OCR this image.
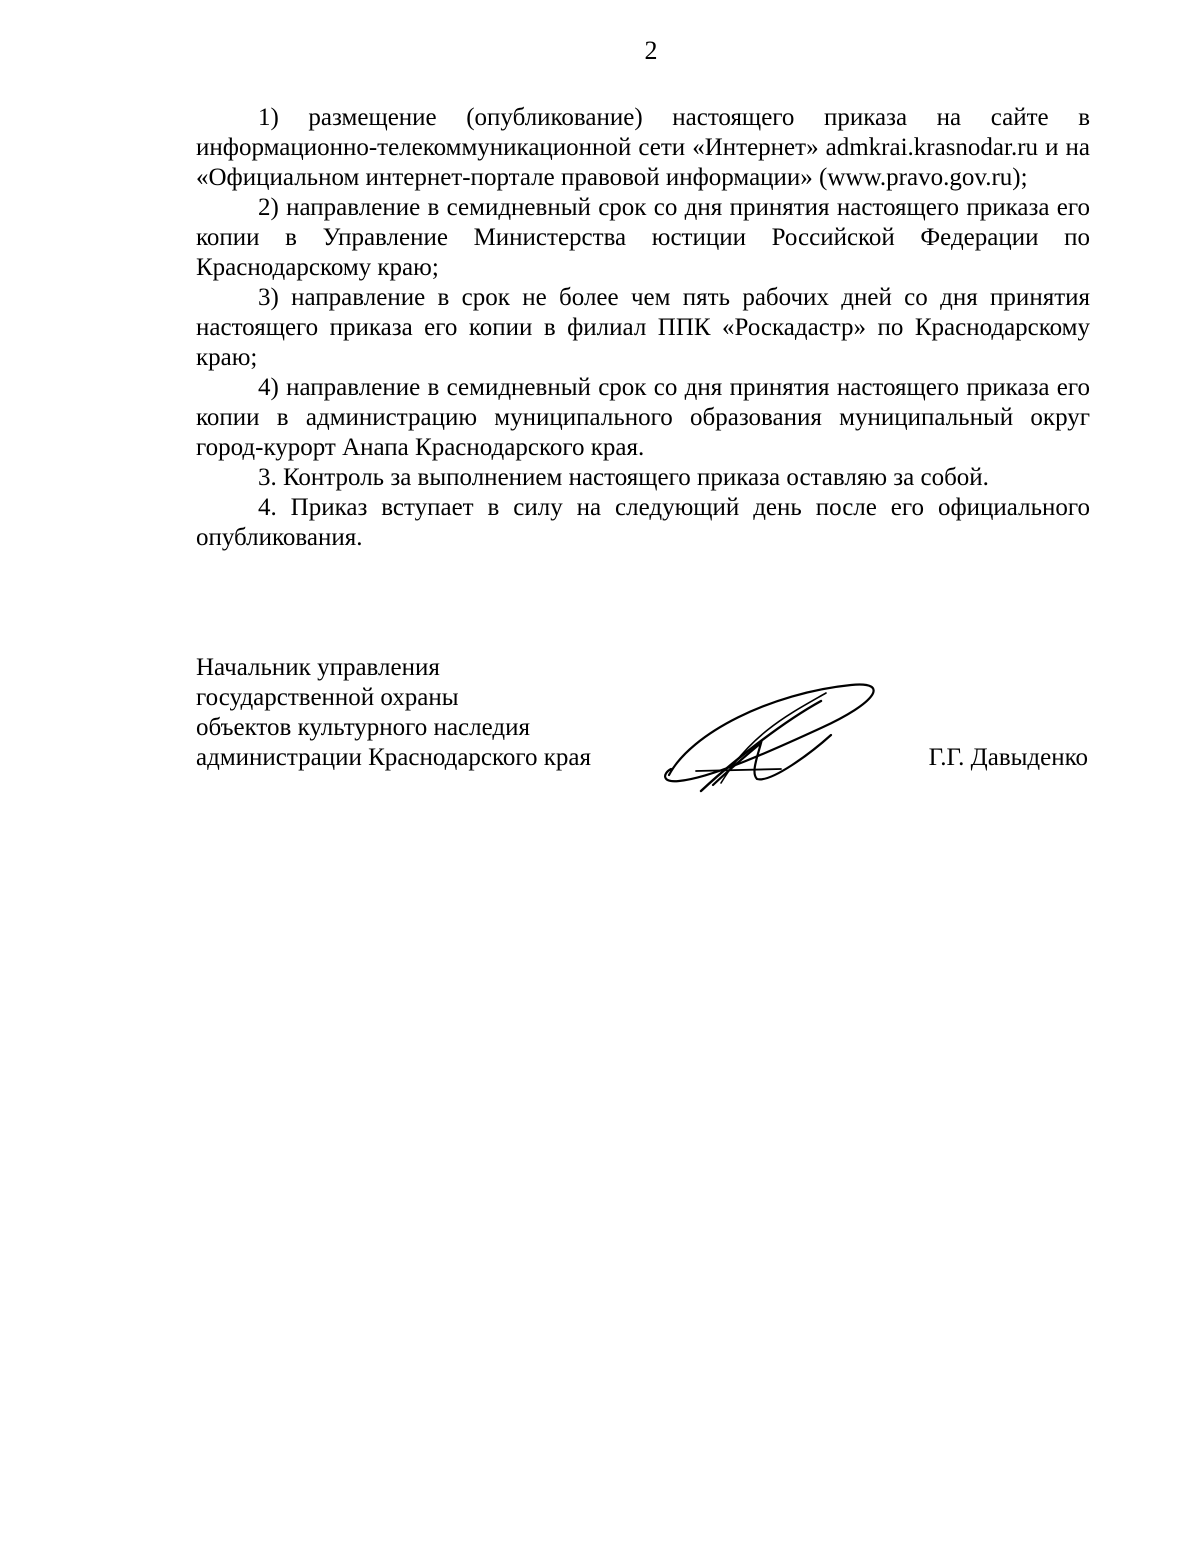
2

1) размещение (опубликование) настоящего приказа на сайте в информационно-телекоммуникационной сети «Интернет» admkrai.krasnodar.ru и на «Официальном интернет-портале правовой информации» (www.pravo.gov.ru);

2) направление в семидневный срок со дня принятия настоящего приказа его копии в Управление Министерства юстиции Российской Федерации по Краснодарскому краю;

3) направление в срок не более чем пять рабочих дней со дня принятия настоящего приказа его копии в филиал ППК «Роскадастр» по Краснодарскому краю;

4) направление в семидневный срок со дня принятия настоящего приказа его копии в администрацию муниципального образования муниципальный округ город-курорт Анапа Краснодарского края.

3. Контроль за выполнением настоящего приказа оставляю за собой.

4. Приказ вступает в силу на следующий день после его официального опубликования.

Начальник управления
государственной охраны
объектов культурного наследия
администрации Краснодарского края	Г.Г. Давыденко
